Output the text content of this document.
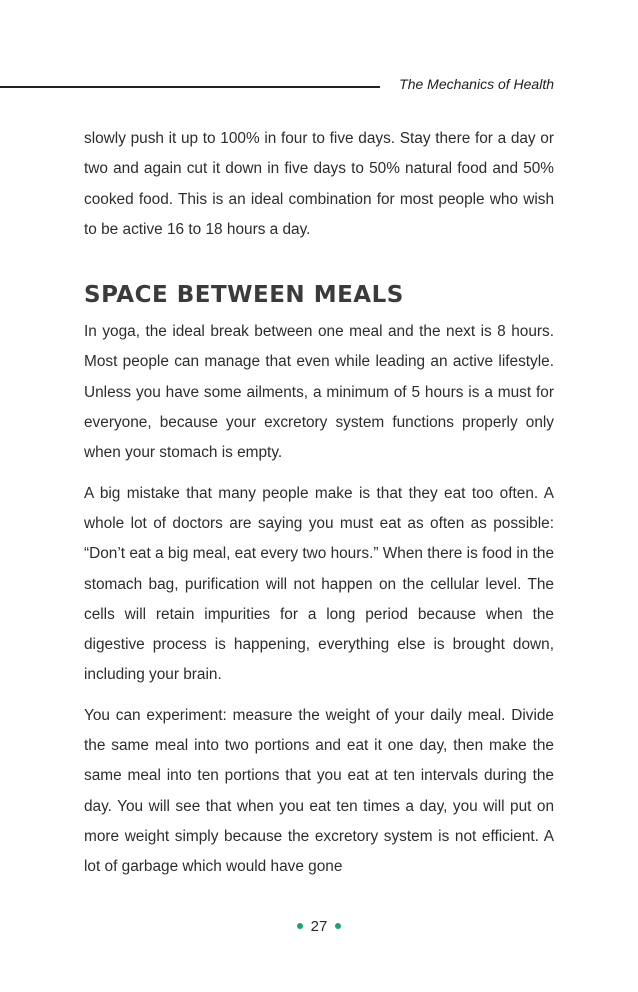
The Mechanics of Health

slowly push it up to 100% in four to five days. Stay there for a day or two and again cut it down in five days to 50% natural food and 50% cooked food. This is an ideal combination for most people who wish to be active 16 to 18 hours a day.

SPACE BETWEEN MEALS

In yoga, the ideal break between one meal and the next is 8 hours. Most people can manage that even while leading an active lifestyle. Unless you have some ailments, a minimum of 5 hours is a must for everyone, because your excretory system functions properly only when your stomach is empty.

A big mistake that many people make is that they eat too often. A whole lot of doctors are saying you must eat as often as possible: “Don’t eat a big meal, eat every two hours.” When there is food in the stomach bag, purification will not happen on the cellular level. The cells will retain impurities for a long period because when the digestive process is happening, everything else is brought down, including your brain.

You can experiment: measure the weight of your daily meal. Divide the same meal into two portions and eat it one day, then make the same meal into ten portions that you eat at ten intervals during the day. You will see that when you eat ten times a day, you will put on more weight simply because the excretory system is not efficient. A lot of garbage which would have gone

27
